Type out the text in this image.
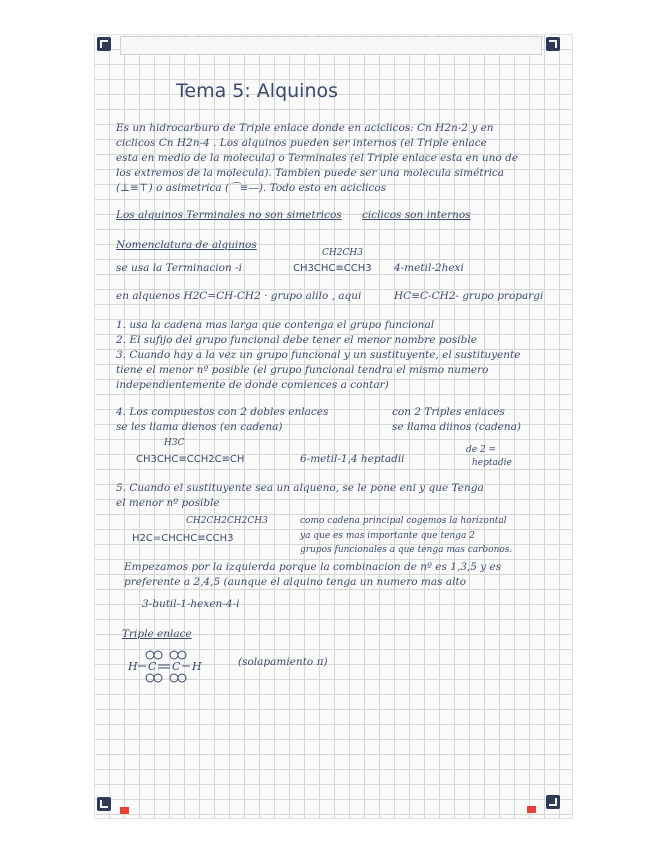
Tema 5: Alquinos
Es un hidrocarburo de Triple enlace donde en aciclicos: Cn H2n-2 y en
ciclicos Cn H2n-4 . Los alquinos pueden ser internos (el Triple enlace
esta en medio de la molecula) o Terminales (el Triple enlace esta en uno de
los extremos de la molecula). Tambien puede ser una molecula simétrica
(⊥≡⊤) o asimetrica (⌒≡—). Todo esto en aciclicos
Los alquinos Terminales no son simetricos ciclicos son internos
Nomenclatura de alquinos
CH2CH3
se usa la Terminacion -i	CH3CHC≡CCH3 4-metil-2hexi
en alquenos H2C=CH-CH2 · grupo alilo , aqui	HC≡C-CH2- grupo propargi
1. usa la cadena mas larga que contenga el grupo funcional
2. El sufijo del grupo funcional debe tener el menor nombre posible
3. Cuando hay a la vez un grupo funcional y un sustituyente, el sustituyente
tiene el menor nº posible (el grupo funcional tendra el mismo numero
independientemente de donde comiences a contar)
4. Los compuestos con 2 dobles enlaces
se les llama dienos (en cadena)
con 2 Triples enlaces
se llama diinos (cadena)
H3C
CH3CHC≡CCH2C≡CH	6-metil-1,4 heptadii
de 2 =
heptadie
5. Cuando el sustituyente sea un alqueno, se le pone eni y que Tenga
el menor nº posible
CH2CH2CH2CH3
H2C=CHCHC≡CCH3
como cadena principal cogemos la horizontal
ya que es mas importante que tenga 2
grupos funcionales a que tenga mas carbonos.
Empezamos por la izquierda porque la combinacion de nº es 1,3,5 y es
preferente a 2,4,5 (aunque el alquino tenga un numero mas alto
3-butil-1-hexen-4-i
Triple enlace
H C C H	(solapamiento π)
